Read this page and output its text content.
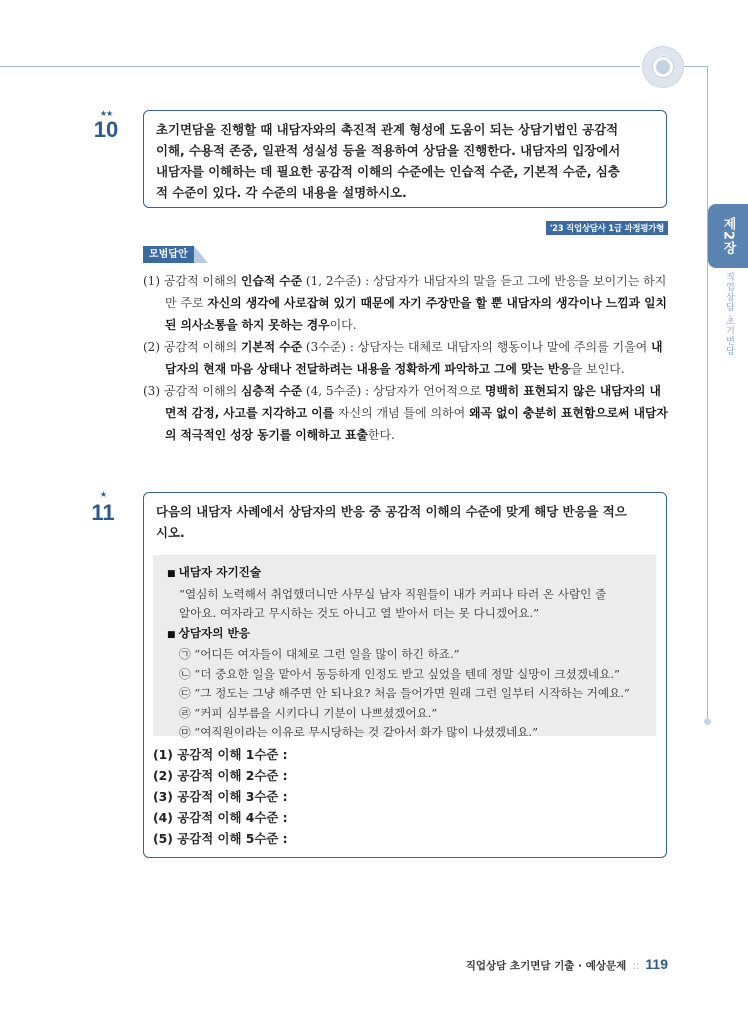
제2장
직업상담 초기면담
★★
10	초기면담을 진행할 때 내담자와의 촉진적 관계 형성에 도움이 되는 상담기법인 공감적

이해, 수용적 존중, 일관적 성실성 등을 적용하여 상담을 진행한다. 내담자의 입장에서

내담자를 이해하는 데 필요한 공감적 이해의 수준에는 인습적 수준, 기본적 수준, 심층

적 수준이 있다. 각 수준의 내용을 설명하시오.

'23 직업상담사 1급 과정평가형
모범답안

(1) 공감적 이해의 인습적 수준 (1, 2수준) : 상담자가 내담자의 말을 듣고 그에 반응을 보이기는 하지만 주로 자신의 생각에 사로잡혀 있기 때문에 자기 주장만을 할 뿐 내담자의 생각이나 느낌과 일치된 의사소통을 하지 못하는 경우이다.

(2) 공감적 이해의 기본적 수준 (3수준) : 상담자는 대체로 내담자의 행동이나 말에 주의를 기울여 내담자의 현재 마음 상태나 전달하려는 내용을 정확하게 파악하고 그에 맞는 반응을 보인다.

(3) 공감적 이해의 심층적 수준 (4, 5수준) : 상담자가 언어적으로 명백히 표현되지 않은 내담자의 내면적 감정, 사고를 지각하고 이를 자신의 개념 틀에 의하여 왜곡 없이 충분히 표현함으로써 내담자의 적극적인 성장 동기를 이해하고 표출한다.

★
11	다음의 내담자 사례에서 상담자의 반응 중 공감적 이해의 수준에 맞게 해당 반응을 적으

시오.

■ 내담자 자기진술
“열심히 노력해서 취업했더니만 사무실 남자 직원들이 내가 커피나 타러 온 사람인 줄
알아요. 여자라고 무시하는 것도 아니고 열 받아서 더는 못 다니겠어요.”
■ 상담자의 반응
㉠ “어디든 여자들이 대체로 그런 일을 많이 하긴 하죠.”
㉡ “더 중요한 일을 맡아서 동등하게 인정도 받고 싶었을 텐데 정말 실망이 크셨겠네요.”
㉢ “그 정도는 그냥 해주면 안 되나요? 처음 들어가면 원래 그런 일부터 시작하는 거예요.”
㉣ “커피 심부름을 시키다니 기분이 나쁘셨겠어요.”
㉤ “여직원이라는 이유로 무시당하는 것 같아서 화가 많이 나셨겠네요.”
(1) 공감적 이해 1수준 :
(2) 공감적 이해 2수준 :
(3) 공감적 이해 3수준 :
(4) 공감적 이해 4수준 :
(5) 공감적 이해 5수준 :
직업상담 초기면담 기출 · 예상문제 :: 119
